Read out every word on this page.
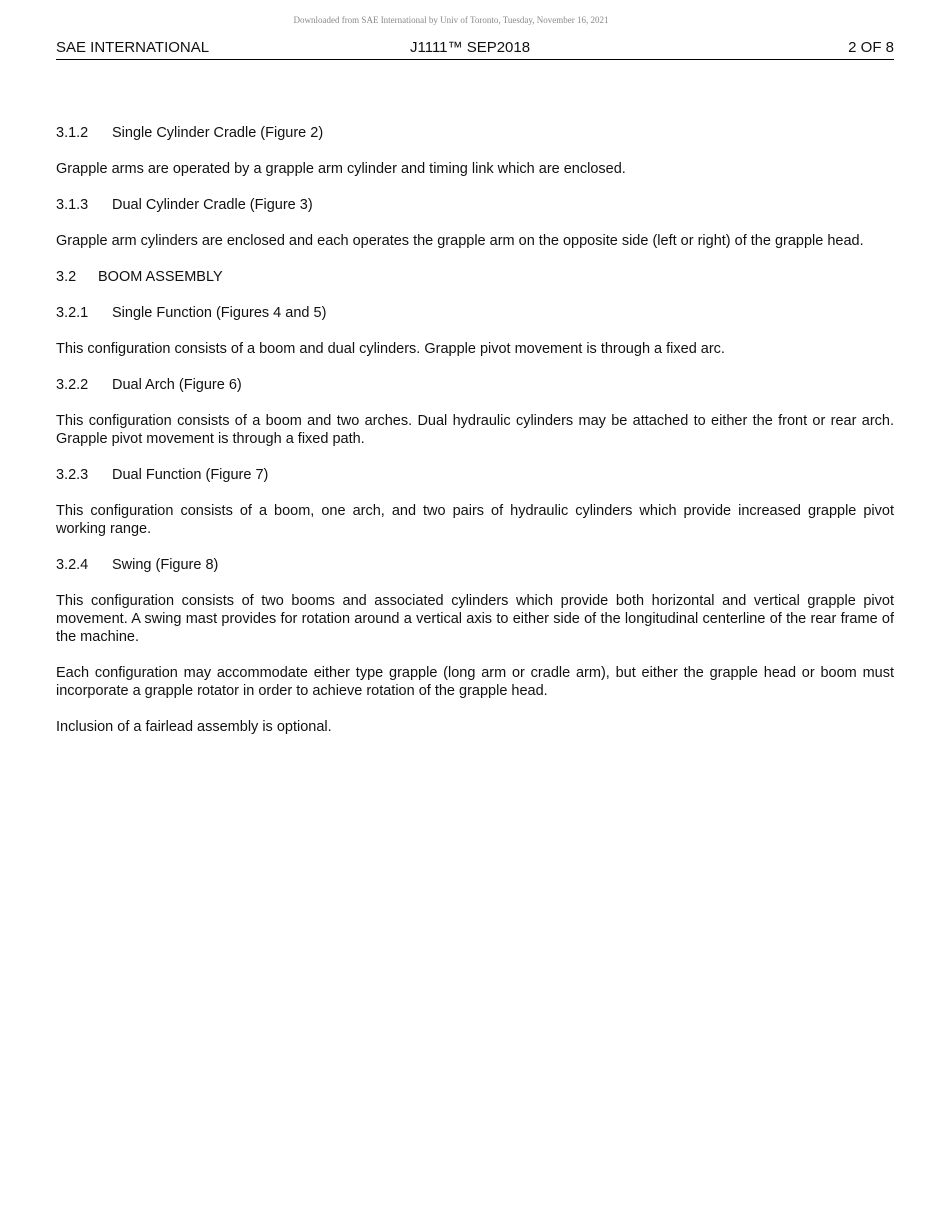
Downloaded from SAE International by Univ of Toronto, Tuesday, November 16, 2021
SAE INTERNATIONAL	J1111™ SEP2018	2 OF 8
3.1.2 Single Cylinder Cradle (Figure 2)
Grapple arms are operated by a grapple arm cylinder and timing link which are enclosed.
3.1.3 Dual Cylinder Cradle (Figure 3)
Grapple arm cylinders are enclosed and each operates the grapple arm on the opposite side (left or right) of the grapple head.
3.2 BOOM ASSEMBLY
3.2.1 Single Function (Figures 4 and 5)
This configuration consists of a boom and dual cylinders. Grapple pivot movement is through a fixed arc.
3.2.2 Dual Arch (Figure 6)
This configuration consists of a boom and two arches. Dual hydraulic cylinders may be attached to either the front or rear arch. Grapple pivot movement is through a fixed path.
3.2.3 Dual Function (Figure 7)
This configuration consists of a boom, one arch, and two pairs of hydraulic cylinders which provide increased grapple pivot working range.
3.2.4 Swing (Figure 8)
This configuration consists of two booms and associated cylinders which provide both horizontal and vertical grapple pivot movement. A swing mast provides for rotation around a vertical axis to either side of the longitudinal centerline of the rear frame of the machine.
Each configuration may accommodate either type grapple (long arm or cradle arm), but either the grapple head or boom must incorporate a grapple rotator in order to achieve rotation of the grapple head.
Inclusion of a fairlead assembly is optional.
